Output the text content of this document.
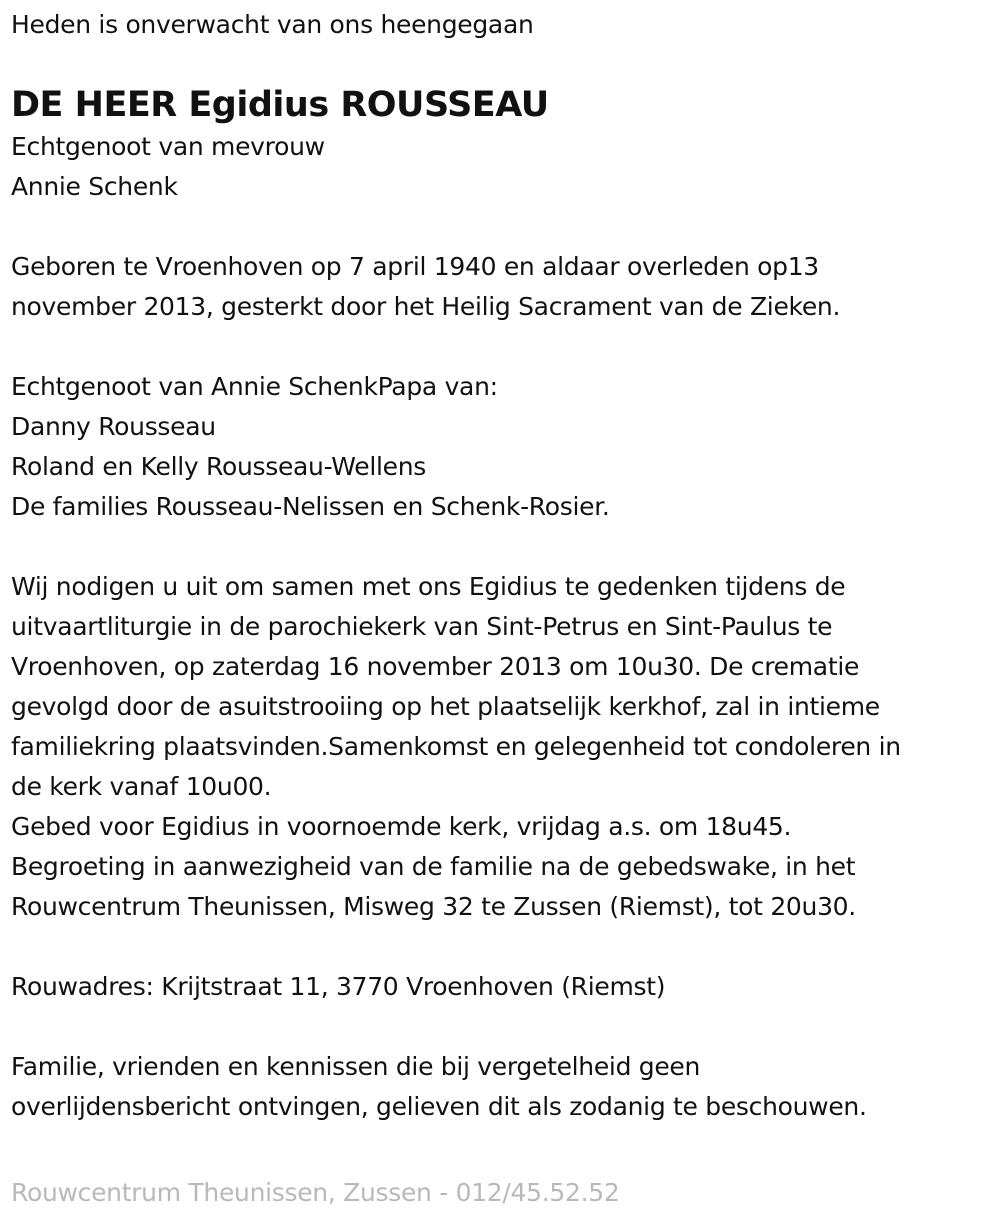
Heden is onverwacht van ons heengegaan
DE HEER Egidius ROUSSEAU
Echtgenoot van mevrouw
Annie Schenk
Geboren te Vroenhoven op 7 april 1940 en aldaar overleden op13
november 2013, gesterkt door het Heilig Sacrament van de Zieken.
Echtgenoot van Annie SchenkPapa van:
Danny Rousseau
Roland en Kelly Rousseau-Wellens
De families Rousseau-Nelissen en Schenk-Rosier.
Wij nodigen u uit om samen met ons Egidius te gedenken tijdens de
uitvaartliturgie in de parochiekerk van Sint-Petrus en Sint-Paulus te
Vroenhoven, op zaterdag 16 november 2013 om 10u30. De crematie
gevolgd door de asuitstrooiing op het plaatselijk kerkhof, zal in intieme
familiekring plaatsvinden.Samenkomst en gelegenheid tot condoleren in
de kerk vanaf 10u00.
Gebed voor Egidius in voornoemde kerk, vrijdag a.s. om 18u45.
Begroeting in aanwezigheid van de familie na de gebedswake, in het
Rouwcentrum Theunissen, Misweg 32 te Zussen (Riemst), tot 20u30.
Rouwadres: Krijtstraat 11, 3770 Vroenhoven (Riemst)
Familie, vrienden en kennissen die bij vergetelheid geen
overlijdensbericht ontvingen, gelieven dit als zodanig te beschouwen.
Rouwcentrum Theunissen, Zussen - 012/45.52.52
